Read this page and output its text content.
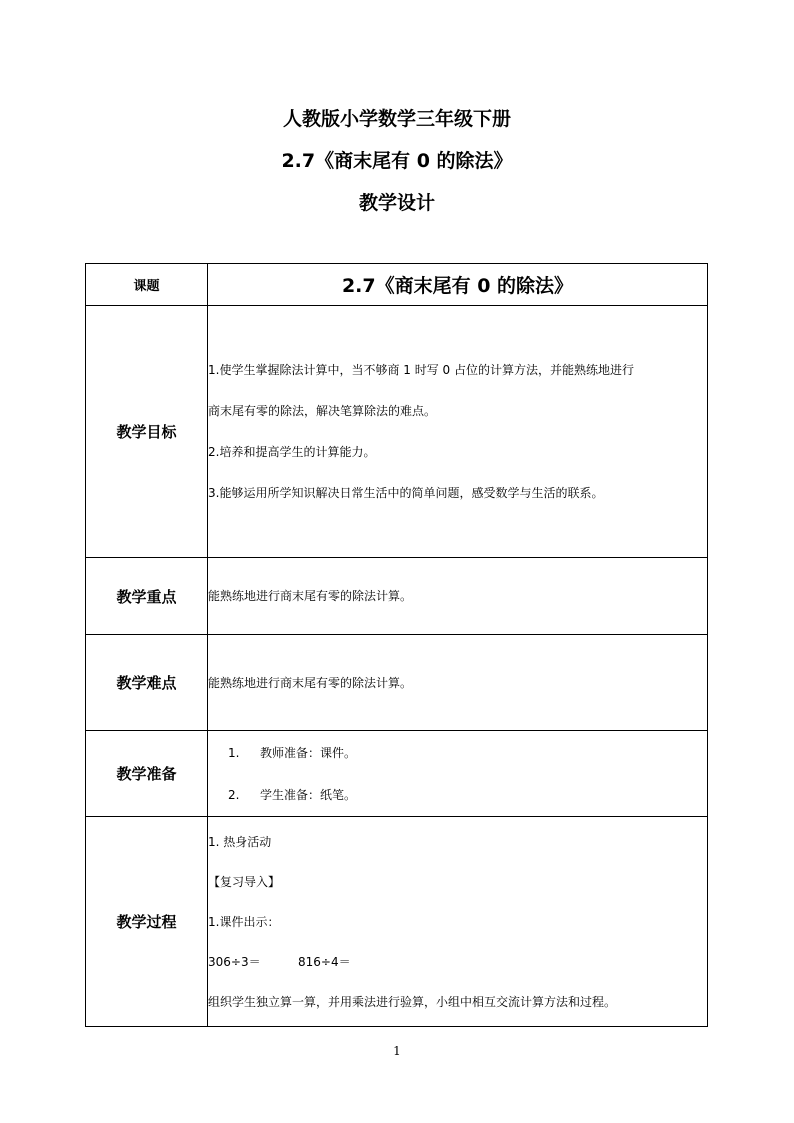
人教版小学数学三年级下册
2.7《商末尾有 0 的除法》
教学设计
课题	2.7《商末尾有 0 的除法》

教学目标	1.使学生掌握除法计算中，当不够商 1 时写 0 占位的计算方法，并能熟练地进行

商末尾有零的除法，解决笔算除法的难点。

2.培养和提高学生的计算能力。

3.能够运用所学知识解决日常生活中的简单问题，感受数学与生活的联系。

教学重点	能熟练地进行商末尾有零的除法计算。
教学难点	能熟练地进行商末尾有零的除法计算。
教学准备	1. 教师准备：课件。
2. 学生准备：纸笔。

教学过程	1. 热身活动

【复习导入】

1.课件出示：

306÷3＝ 816÷4＝

组织学生独立算一算，并用乘法进行验算，小组中相互交流计算方法和过程。

1
